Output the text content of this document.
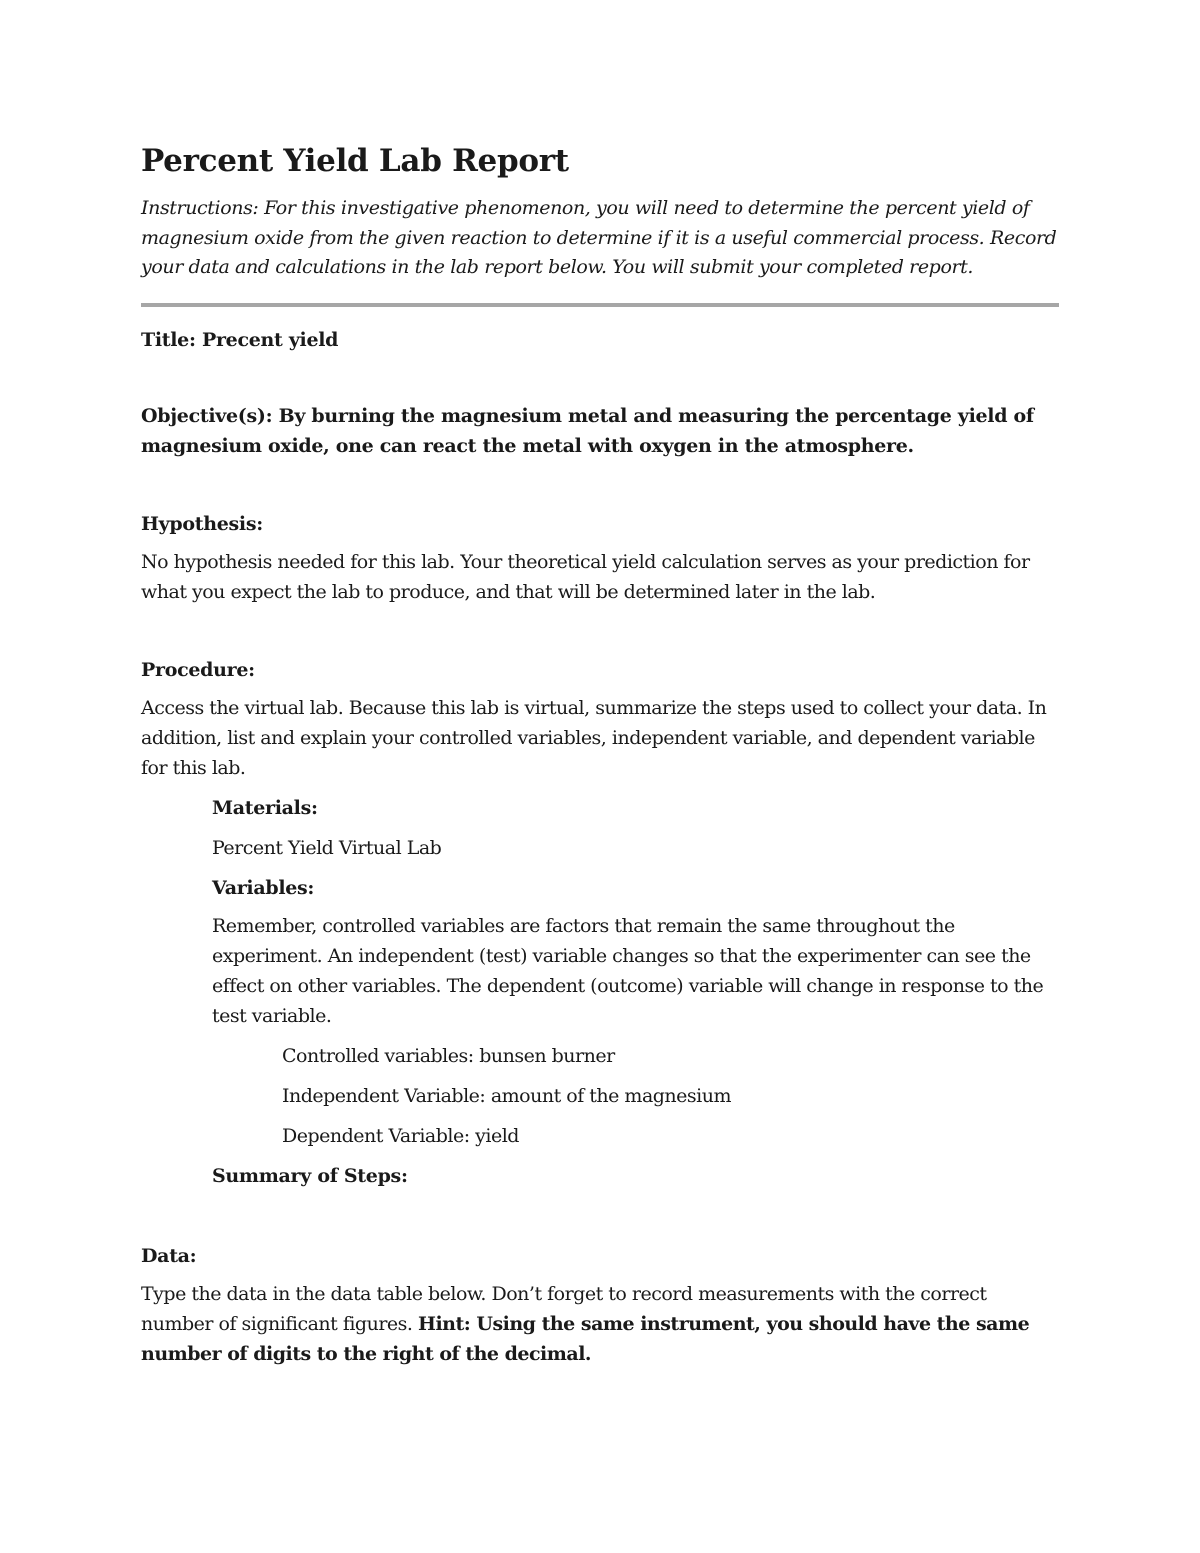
Percent Yield Lab Report

Instructions: For this investigative phenomenon, you will need to determine the percent yield of magnesium oxide from the given reaction to determine if it is a useful commercial process. Record your data and calculations in the lab report below. You will submit your completed report.

Title: Precent yield
Objective(s): By burning the magnesium metal and measuring the percentage yield of magnesium oxide, one can react the metal with oxygen in the atmosphere.
Hypothesis:
No hypothesis needed for this lab. Your theoretical yield calculation serves as your prediction for what you expect the lab to produce, and that will be determined later in the lab.
Procedure:
Access the virtual lab. Because this lab is virtual, summarize the steps used to collect your data. In addition, list and explain your controlled variables, independent variable, and dependent variable for this lab.
Materials:
Percent Yield Virtual Lab
Variables:
Remember, controlled variables are factors that remain the same throughout the experiment. An independent (test) variable changes so that the experimenter can see the effect on other variables. The dependent (outcome) variable will change in response to the test variable.
Controlled variables: bunsen burner
Independent Variable: amount of the magnesium
Dependent Variable: yield
Summary of Steps:
Data:
Type the data in the data table below. Don’t forget to record measurements with the correct number of significant figures. Hint: Using the same instrument, you should have the same number of digits to the right of the decimal.
